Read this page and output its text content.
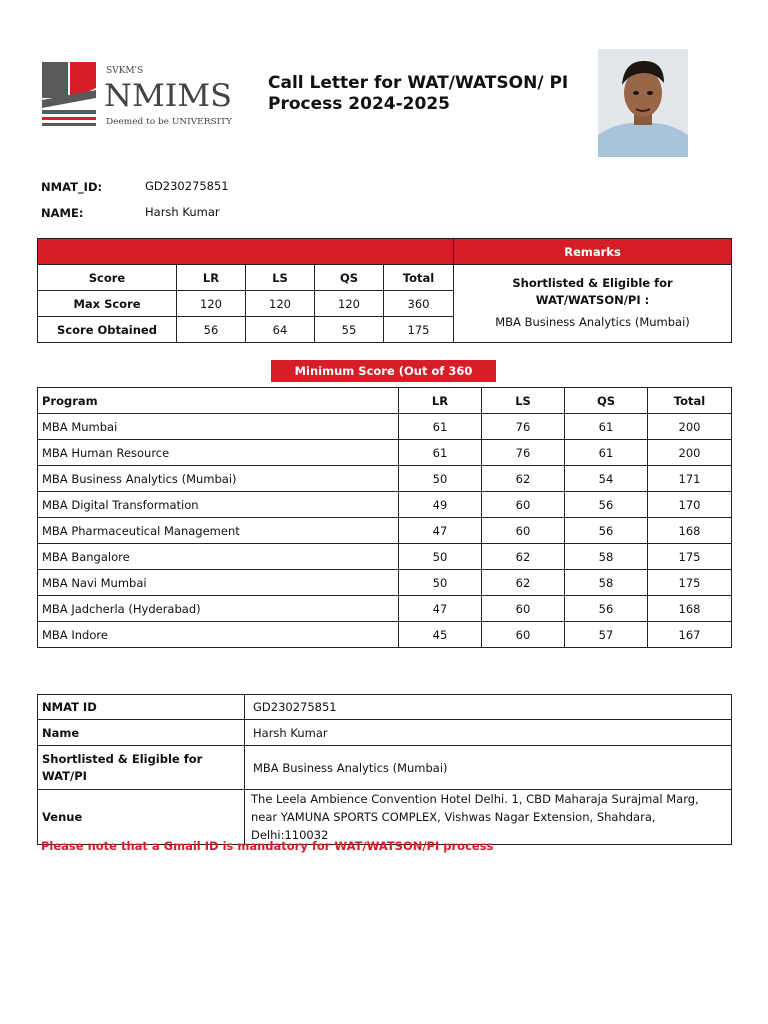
SVKM'S
NMIMS
Deemed to be UNIVERSITY
Call Letter for WAT/WATSON/ PI Process 2024-2025
NMAT_ID:	GD230275851
NAME:	Harsh Kumar
					Remarks
Score	LR	LS	QS	Total	Shortlisted & Eligible for WAT/WATSON/PI :
MBA Business Analytics (Mumbai)

Max Score	120	120	120	360	
Score Obtained	56	64	55	175	
Minimum Score (Out of 360 Marks)
Program	LR	LS	QS	Total
MBA Mumbai	61	76	61	200
MBA Human Resource	61	76	61	200
MBA Business Analytics (Mumbai)	50	62	54	171
MBA Digital Transformation	49	60	56	170
MBA Pharmaceutical Management	47	60	56	168
MBA Bangalore	50	62	58	175
MBA Navi Mumbai	50	62	58	175
MBA Jadcherla (Hyderabad)	47	60	56	168
MBA Indore	45	60	57	167
NMAT ID	GD230275851
Name	Harsh Kumar
Shortlisted & Eligible for WAT/PI	MBA Business Analytics (Mumbai)
Venue	The Leela Ambience Convention Hotel Delhi. 1, CBD Maharaja Surajmal Marg, near YAMUNA SPORTS COMPLEX, Vishwas Nagar Extension, Shahdara, Delhi:110032
Please note that a Gmail ID is mandatory for WAT/WATSON/PI process
